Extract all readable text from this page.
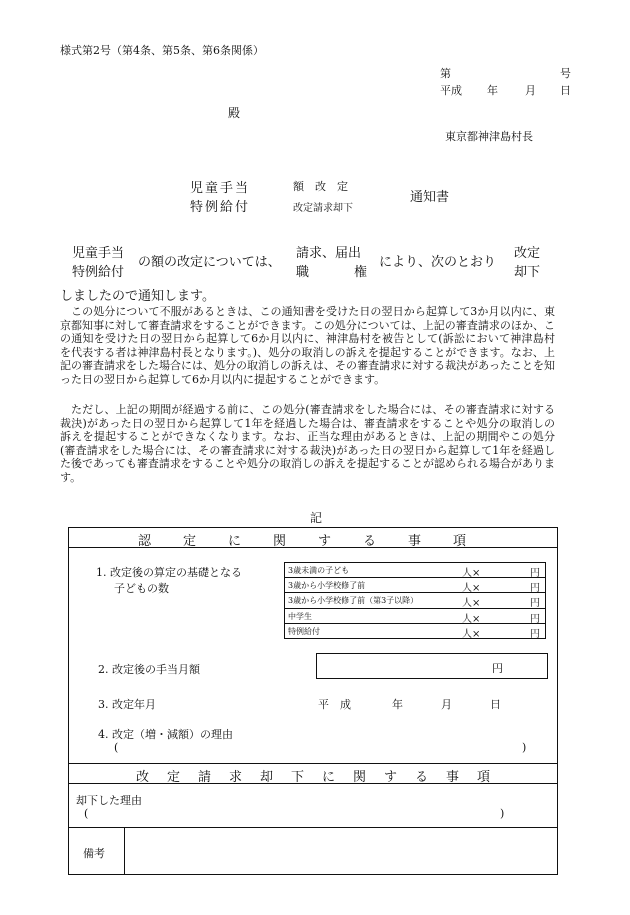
様式第2号（第4条、第5条、第6条関係）
第	号
平成 年 月 日
殿
東京都神津島村長
児童手当
特例給付
額　改　定
改定請求却下
通知書
児童手当
特例給付
の額の改定については、
請求、届出
職	権
により、次のとおり
改定
却下
しましたので通知します。
この処分について不服があるときは、この通知書を受けた日の翌日から起算して3か月以内に、東京都知事に対して審査請求をすることができます。この処分については、上記の審査請求のほか、この通知を受けた日の翌日から起算して6か月以内に、神津島村を被告として(訴訟において神津島村を代表する者は神津島村長となります。)、処分の取消しの訴えを提起することができます。なお、上記の審査請求をした場合には、処分の取消しの訴えは、その審査請求に対する裁決があったことを知った日の翌日から起算して6か月以内に提起することができます。
ただし、上記の期間が経過する前に、この処分(審査請求をした場合には、その審査請求に対する裁決)があった日の翌日から起算して1年を経過した場合は、審査請求をすることや処分の取消しの訴えを提起することができなくなります。なお、正当な理由があるときは、上記の期間やこの処分(審査請求をした場合には、その審査請求に対する裁決)があった日の翌日から起算して1年を経過した後であっても審査請求をすることや処分の取消しの訴えを提起することが認められる場合があります。
記
認定に関する事項
1. 改定後の算定の基礎となる
子どもの数
3歳未満の子ども	人×	円
3歳から小学校修了前	人×	円
3歳から小学校修了前（第3子以降）	人×	円
中学生	人×	円
特例給付	人×	円
2. 改定後の手当月額	円
3. 改定年月	平　成	年	月	日
4. 改定（増・減額）の理由
(	)
改定請求却下に関する事項
却下した理由
(	)
備考
